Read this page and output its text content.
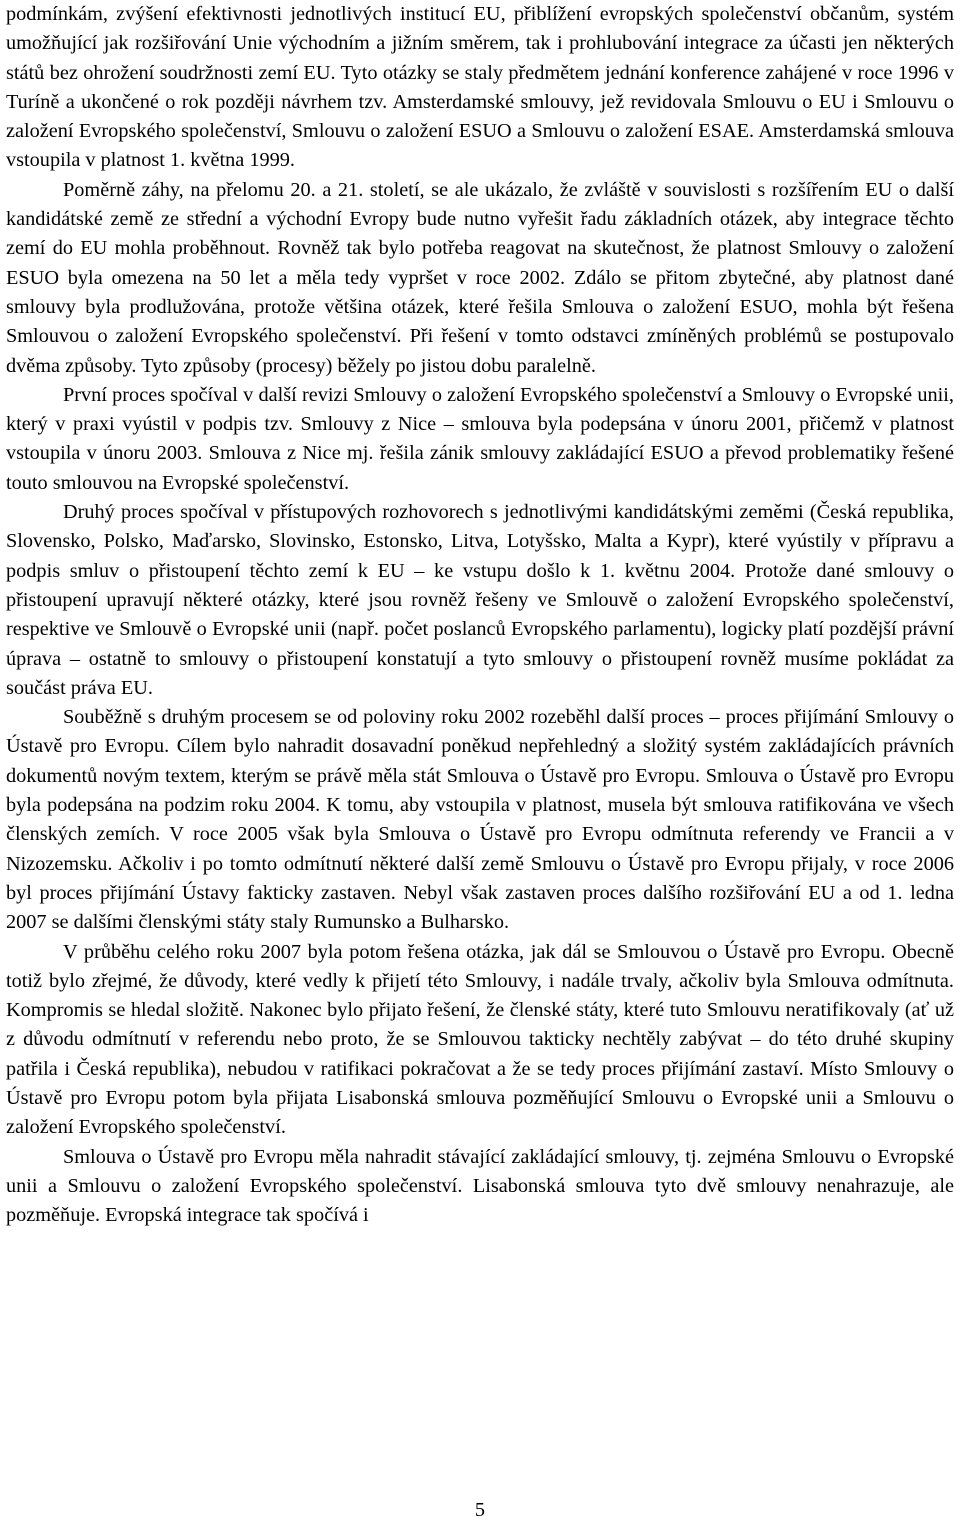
podmínkám, zvýšení efektivnosti jednotlivých institucí EU, přiblížení evropských společenství občanům, systém umožňující jak rozšiřování Unie východním a jižním směrem, tak i prohlubování integrace za účasti jen některých států bez ohrožení soudržnosti zemí EU. Tyto otázky se staly předmětem jednání konference zahájené v roce 1996 v Turíně a ukončené o rok později návrhem tzv. Amsterdamské smlouvy, jež revidovala Smlouvu o EU i Smlouvu o založení Evropského společenství, Smlouvu o založení ESUO a Smlouvu o založení ESAE. Amsterdamská smlouva vstoupila v platnost 1. května 1999.

Poměrně záhy, na přelomu 20. a 21. století, se ale ukázalo, že zvláště v souvislosti s rozšířením EU o další kandidátské země ze střední a východní Evropy bude nutno vyřešit řadu základních otázek, aby integrace těchto zemí do EU mohla proběhnout. Rovněž tak bylo potřeba reagovat na skutečnost, že platnost Smlouvy o založení ESUO byla omezena na 50 let a měla tedy vypršet v roce 2002. Zdálo se přitom zbytečné, aby platnost dané smlouvy byla prodlužována, protože většina otázek, které řešila Smlouva o založení ESUO, mohla být řešena Smlouvou o založení Evropského společenství. Při řešení v tomto odstavci zmíněných problémů se postupovalo dvěma způsoby. Tyto způsoby (procesy) běžely po jistou dobu paralelně.

První proces spočíval v další revizi Smlouvy o založení Evropského společenství a Smlouvy o Evropské unii, který v praxi vyústil v podpis tzv. Smlouvy z Nice – smlouva byla podepsána v únoru 2001, přičemž v platnost vstoupila v únoru 2003. Smlouva z Nice mj. řešila zánik smlouvy zakládající ESUO a převod problematiky řešené touto smlouvou na Evropské společenství.

Druhý proces spočíval v přístupových rozhovorech s jednotlivými kandidátskými zeměmi (Česká republika, Slovensko, Polsko, Maďarsko, Slovinsko, Estonsko, Litva, Lotyšsko, Malta a Kypr), které vyústily v přípravu a podpis smluv o přistoupení těchto zemí k EU – ke vstupu došlo k 1. květnu 2004. Protože dané smlouvy o přistoupení upravují některé otázky, které jsou rovněž řešeny ve Smlouvě o založení Evropského společenství, respektive ve Smlouvě o Evropské unii (např. počet poslanců Evropského parlamentu), logicky platí pozdější právní úprava – ostatně to smlouvy o přistoupení konstatují a tyto smlouvy o přistoupení rovněž musíme pokládat za součást práva EU.

Souběžně s druhým procesem se od poloviny roku 2002 rozeběhl další proces – proces přijímání Smlouvy o Ústavě pro Evropu. Cílem bylo nahradit dosavadní poněkud nepřehledný a složitý systém zakládajících právních dokumentů novým textem, kterým se právě měla stát Smlouva o Ústavě pro Evropu. Smlouva o Ústavě pro Evropu byla podepsána na podzim roku 2004. K tomu, aby vstoupila v platnost, musela být smlouva ratifikována ve všech členských zemích. V roce 2005 však byla Smlouva o Ústavě pro Evropu odmítnuta referendy ve Francii a v Nizozemsku. Ačkoliv i po tomto odmítnutí některé další země Smlouvu o Ústavě pro Evropu přijaly, v roce 2006 byl proces přijímání Ústavy fakticky zastaven. Nebyl však zastaven proces dalšího rozšiřování EU a od 1. ledna 2007 se dalšími členskými státy staly Rumunsko a Bulharsko.

V průběhu celého roku 2007 byla potom řešena otázka, jak dál se Smlouvou o Ústavě pro Evropu. Obecně totiž bylo zřejmé, že důvody, které vedly k přijetí této Smlouvy, i nadále trvaly, ačkoliv byla Smlouva odmítnuta. Kompromis se hledal složitě. Nakonec bylo přijato řešení, že členské státy, které tuto Smlouvu neratifikovaly (ať už z důvodu odmítnutí v referendu nebo proto, že se Smlouvou takticky nechtěly zabývat – do této druhé skupiny patřila i Česká republika), nebudou v ratifikaci pokračovat a že se tedy proces přijímání zastaví. Místo Smlouvy o Ústavě pro Evropu potom byla přijata Lisabonská smlouva pozměňující Smlouvu o Evropské unii a Smlouvu o založení Evropského společenství.

Smlouva o Ústavě pro Evropu měla nahradit stávající zakládající smlouvy, tj. zejména Smlouvu o Evropské unii a Smlouvu o založení Evropského společenství. Lisabonská smlouva tyto dvě smlouvy nenahrazuje, ale pozměňuje. Evropská integrace tak spočívá i

5
